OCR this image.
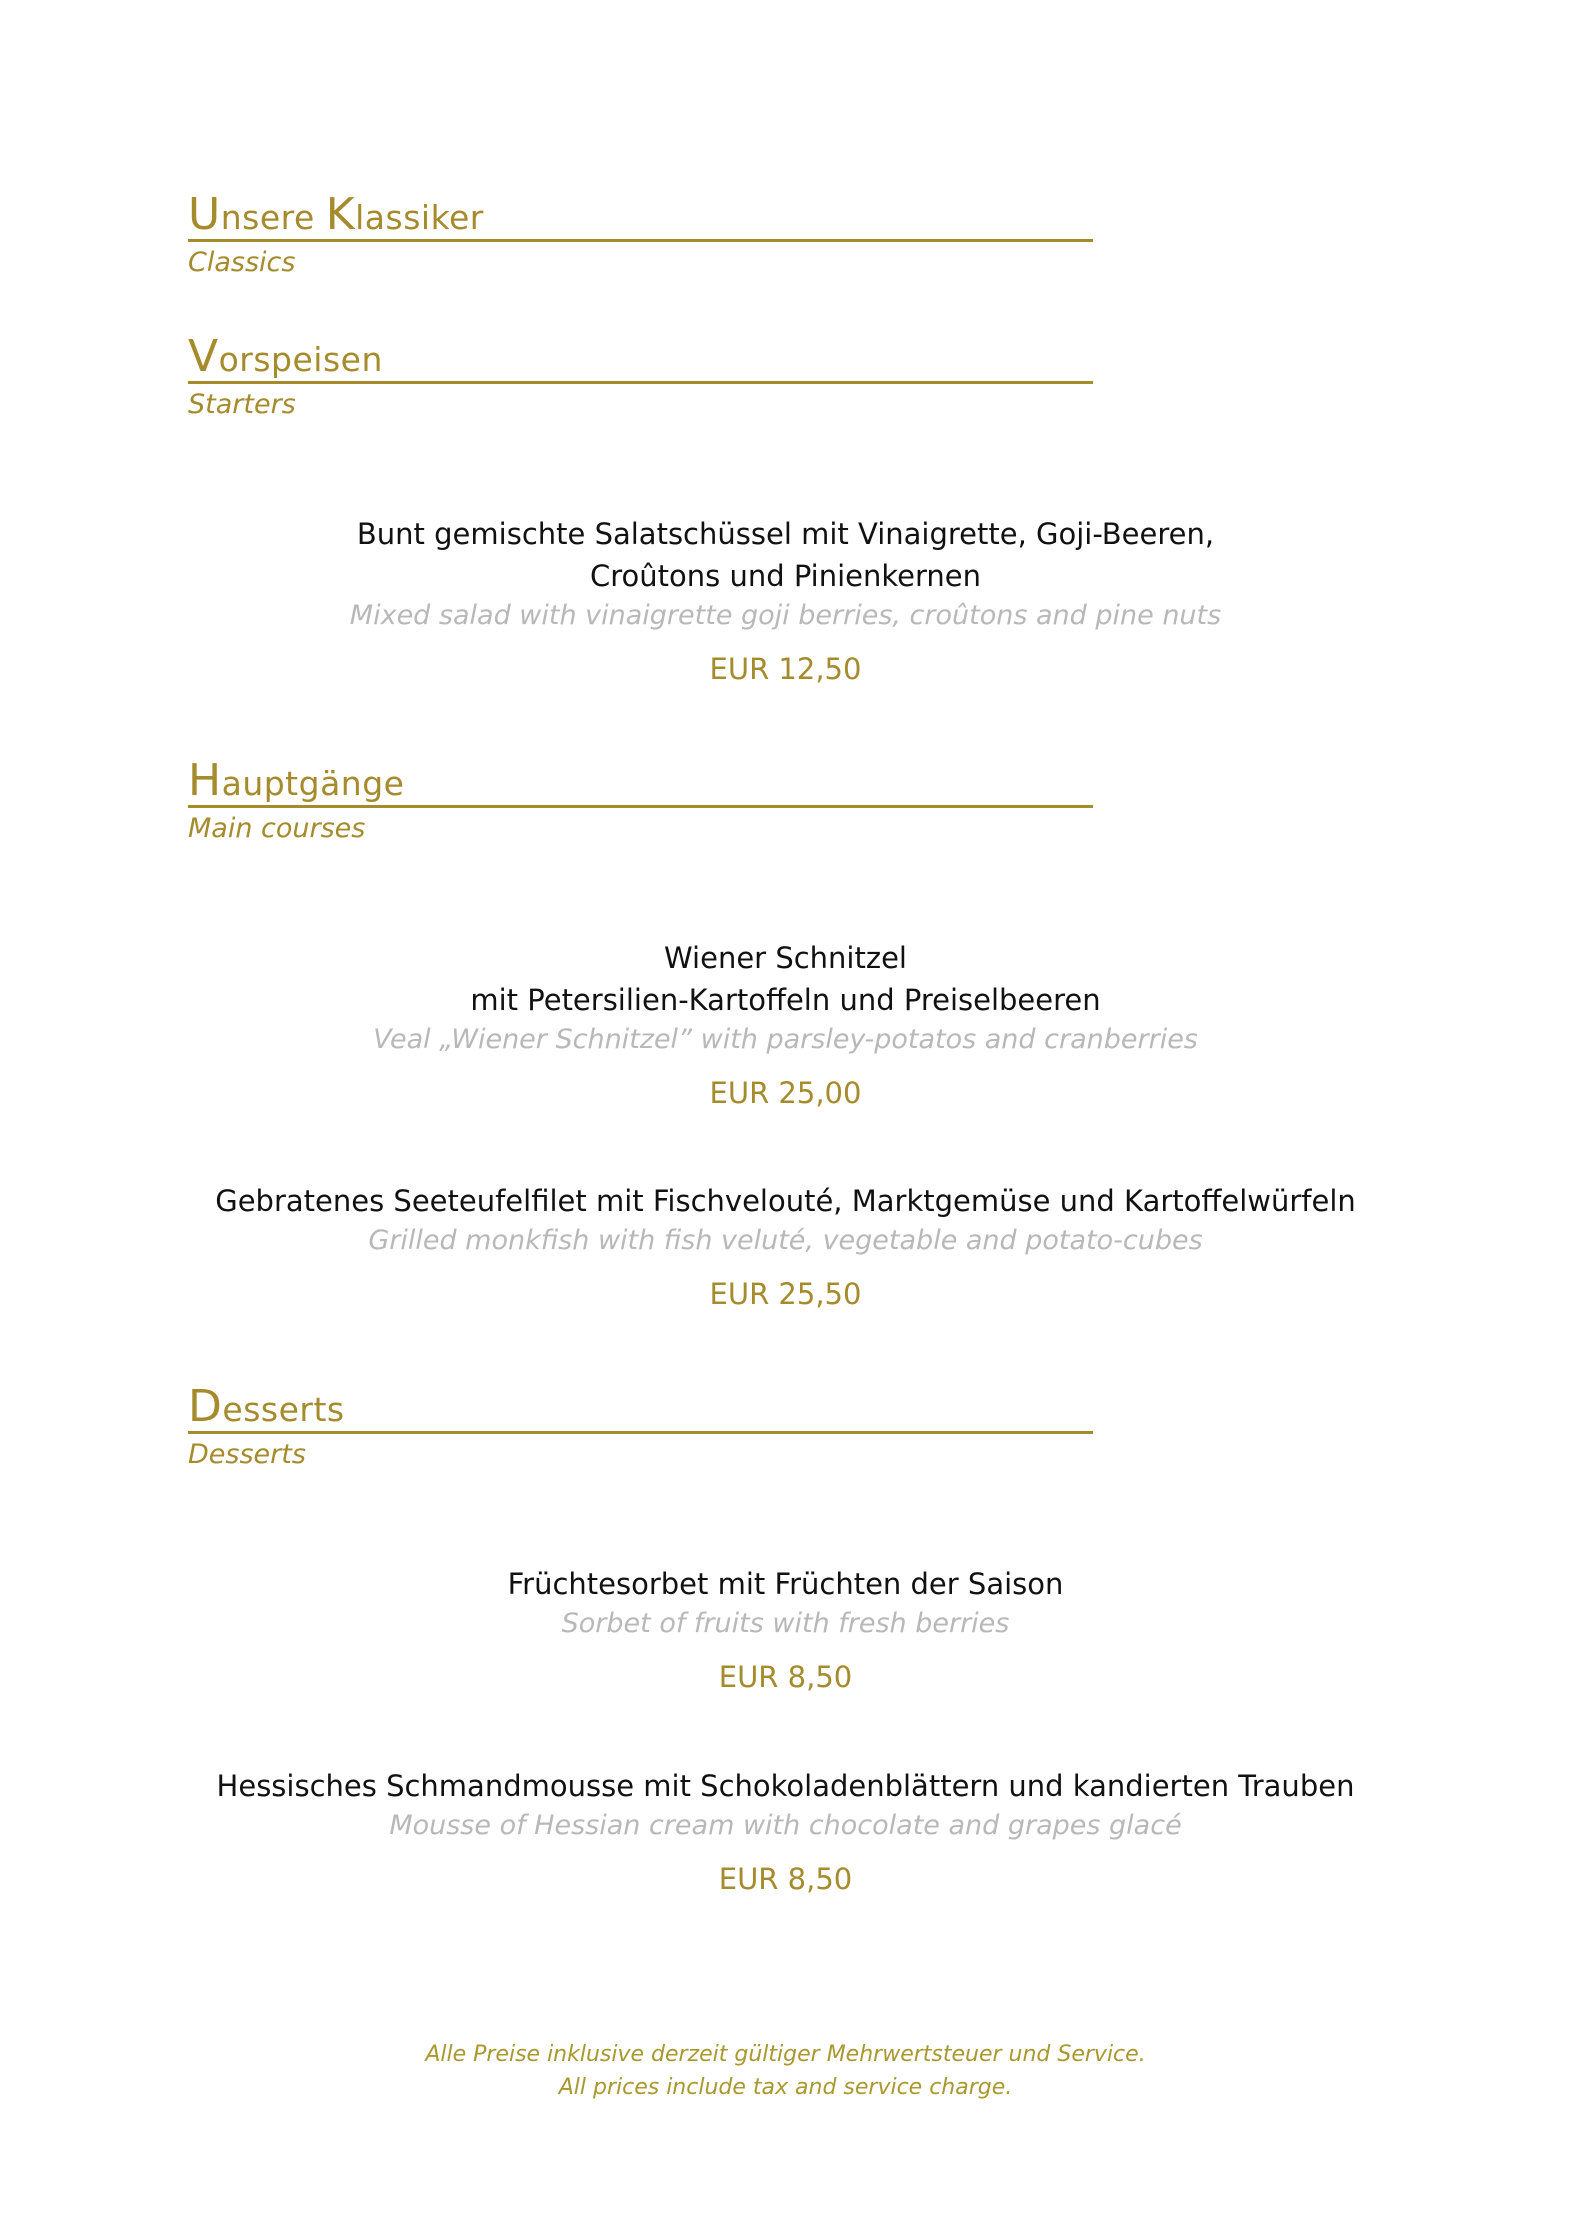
Unsere Klassiker
Classics
Vorspeisen
Starters
Bunt gemischte Salatschüssel mit Vinaigrette, Goji-Beeren,
Croûtons und Pinienkernen
Mixed salad with vinaigrette goji berries, croûtons and pine nuts
EUR 12,50
Hauptgänge
Main courses
Wiener Schnitzel
mit Petersilien-Kartoffeln und Preiselbeeren
Veal „Wiener Schnitzel” with parsley-potatos and cranberries
EUR 25,00
Gebratenes Seeteufelfilet mit Fischvelouté, Marktgemüse und Kartoffelwürfeln
Grilled monkfish with fish veluté, vegetable and potato-cubes
EUR 25,50
Desserts
Desserts
Früchtesorbet mit Früchten der Saison
Sorbet of fruits with fresh berries
EUR 8,50
Hessisches Schmandmousse mit Schokoladenblättern und kandierten Trauben
Mousse of Hessian cream with chocolate and grapes glacé
EUR 8,50
Alle Preise inklusive derzeit gültiger Mehrwertsteuer und Service.
All prices include tax and service charge.
